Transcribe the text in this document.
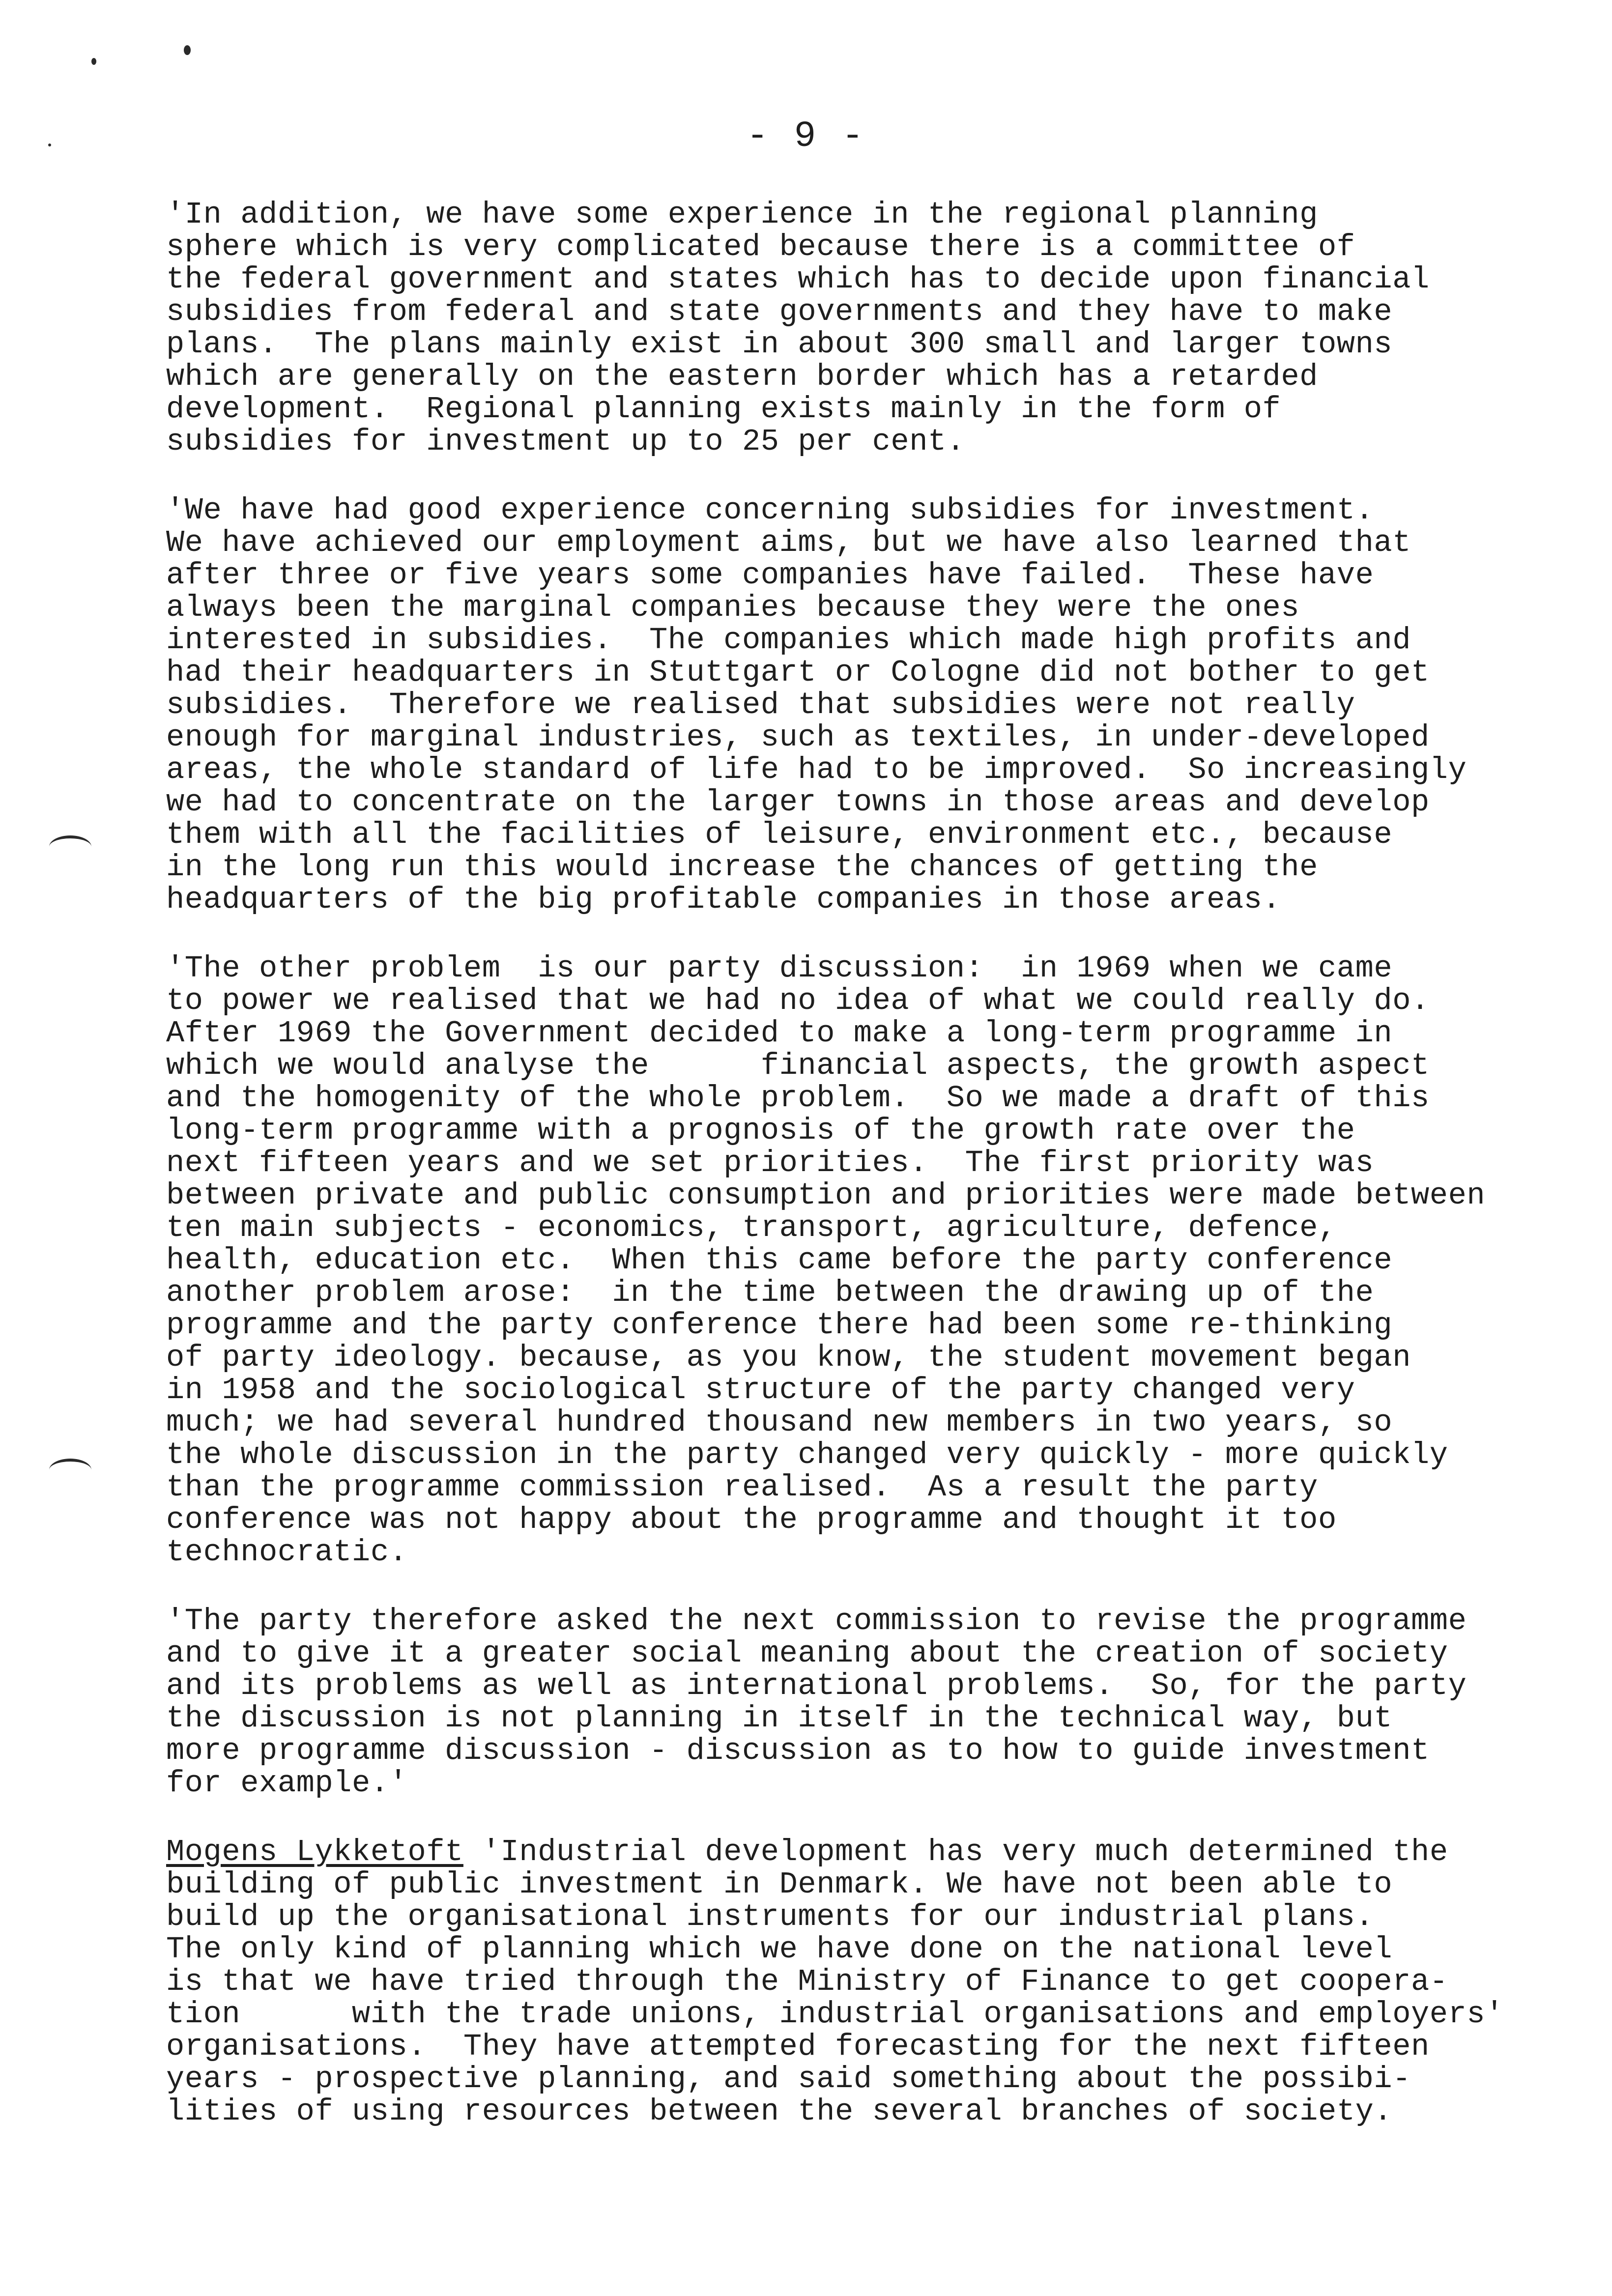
- 9 -
'In addition, we have some experience in the regional planning
sphere which is very complicated because there is a committee of
the federal government and states which has to decide upon financial
subsidies from federal and state governments and they have to make
plans.  The plans mainly exist in about 300 small and larger towns
which are generally on the eastern border which has a retarded
development.  Regional planning exists mainly in the form of
subsidies for investment up to 25 per cent.
'We have had good experience concerning subsidies for investment.
We have achieved our employment aims, but we have also learned that
after three or five years some companies have failed.  These have
always been the marginal companies because they were the ones
interested in subsidies.  The companies which made high profits and
had their headquarters in Stuttgart or Cologne did not bother to get
subsidies.  Therefore we realised that subsidies were not really
enough for marginal industries, such as textiles, in under-developed
areas, the whole standard of life had to be improved.  So increasingly
we had to concentrate on the larger towns in those areas and develop
them with all the facilities of leisure, environment etc., because
in the long run this would increase the chances of getting the
headquarters of the big profitable companies in those areas.
'The other problem  is our party discussion:  in 1969 when we came
to power we realised that we had no idea of what we could really do.
After 1969 the Government decided to make a long-term programme in
which we would analyse the      financial aspects, the growth aspect
and the homogenity of the whole problem.  So we made a draft of this
long-term programme with a prognosis of the growth rate over the
next fifteen years and we set priorities.  The first priority was
between private and public consumption and priorities were made between
ten main subjects - economics, transport, agriculture, defence,
health, education etc.  When this came before the party conference
another problem arose:  in the time between the drawing up of the
programme and the party conference there had been some re-thinking
of party ideology. because, as you know, the student movement began
in 1958 and the sociological structure of the party changed very
much; we had several hundred thousand new members in two years, so
the whole discussion in the party changed very quickly - more quickly
than the programme commission realised.  As a result the party
conference was not happy about the programme and thought it too
technocratic.
'The party therefore asked the next commission to revise the programme
and to give it a greater social meaning about the creation of society
and its problems as well as international problems.  So, for the party
the discussion is not planning in itself in the technical way, but
more programme discussion - discussion as to how to guide investment
for example.'
Mogens Lykketoft 'Industrial development has very much determined the
building of public investment in Denmark. We have not been able to
build up the organisational instruments for our industrial plans.
The only kind of planning which we have done on the national level
is that we have tried through the Ministry of Finance to get coopera-
tion      with the trade unions, industrial organisations and employers'
organisations.  They have attempted forecasting for the next fifteen
years - prospective planning, and said something about the possibi-
lities of using resources between the several branches of society.
